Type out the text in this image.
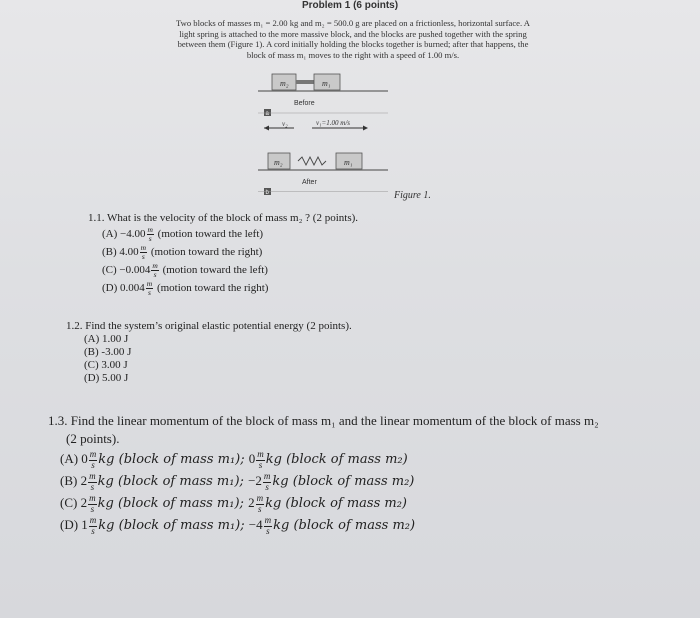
Problem 1 (6 points)
Two blocks of masses m₁ = 2.00 kg and m₂ = 500.0 g are placed on a frictionless, horizontal surface. A
light spring is attached to the more massive block, and the blocks are pushed together with the spring
between them (Figure 1). A cord initially holding the blocks together is burned; after that happens, the
block of mass m₁ moves to the right with a speed of 1.00 m/s.
m₂	m₁
Before
a
v₂	v₁=1.00 m/s
m₂	m₁
After
b	Figure 1.
1.1. What is the velocity of the block of mass m₂ ? (2 points).
$(A) -4.00 \frac{m}{s}$ (motion toward the left)
(B) $4.00 \frac{m}{s}$ (motion toward the right)
$(C) -0.004 \frac{m}{s}$ (motion toward the left)
(D) $0.004 \frac{m}{s}$ (motion toward the right)
1.2. Find the system’s original elastic potential energy (2 points).
(A) 1.00 J
(B) -3.00 J
(C) 3.00 J
(D) 5.00 J
1.3. Find the linear momentum of the block of mass m₁ and the linear momentum of the block of mass m₂
(2 points).
(A) $0 \frac{m}{s}$ kg (block of mass m₁); $0 \frac{m}{s}$ kg (block of mass m₂)
(B) $2 \frac{m}{s}$ kg (block of mass m₁); $-2 \frac{m}{s}$ kg (block of mass m₂)
(C) $2 \frac{m}{s}$ kg (block of mass m₁); $2 \frac{m}{s}$ kg (block of mass m₂)
(D) $1 \frac{m}{s}$ kg (block of mass m₁); $-4 \frac{m}{s}$ kg (block of mass m₂)
